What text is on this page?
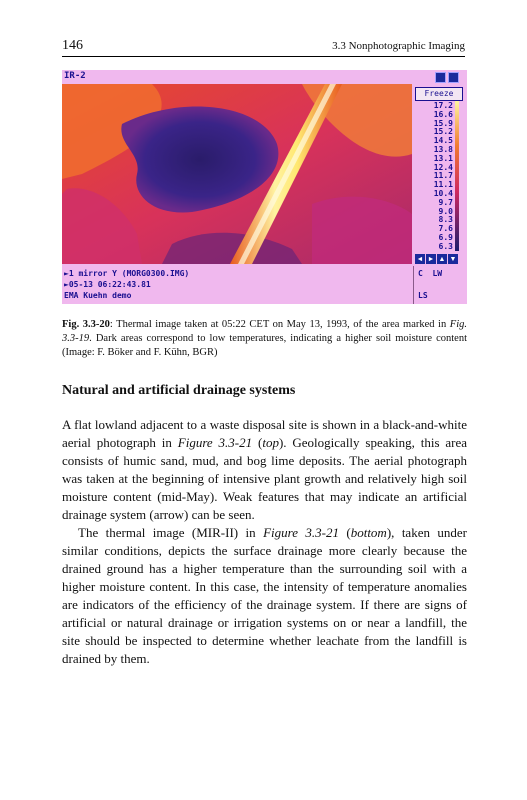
146	3.3 Nonphotographic Imaging
IR-2
Freeze
17.2
16.6
15.9
15.2
14.5
13.8
13.1
12.4
11.7
11.1
10.4
9.7
9.0
8.3
7.6
6.9
6.3
◄ ► ▲ ▼
►1 mirror Y (MORG0300.IMG)
►05-13 06:22:43.81
EMA Kuehn demo
C  LW
LS
Fig. 3.3-20: Thermal image taken at 05:22 CET on May 13, 1993, of the area marked in Fig. 3.3-19. Dark areas correspond to low temperatures, indicating a higher soil moisture content (Image: F. Böker and F. Kühn, BGR)
Natural and artificial drainage systems

A flat lowland adjacent to a waste disposal site is shown in a black-and-white aerial photograph in Figure 3.3-21 (top). Geologically speaking, this area consists of humic sand, mud, and bog lime deposits. The aerial photograph was taken at the beginning of intensive plant growth and relatively high soil moisture content (mid-May). Weak features that may indicate an artificial drainage system (arrow) can be seen.

The thermal image (MIR-II) in Figure 3.3-21 (bottom), taken under similar conditions, depicts the surface drainage more clearly because the drained ground has a higher temperature than the surrounding soil with a higher moisture content. In this case, the intensity of temperature anomalies are indicators of the efficiency of the drainage system. If there are signs of artificial or natural drainage or irrigation systems on or near a landfill, the site should be inspected to determine whether leachate from the landfill is drained by them.
